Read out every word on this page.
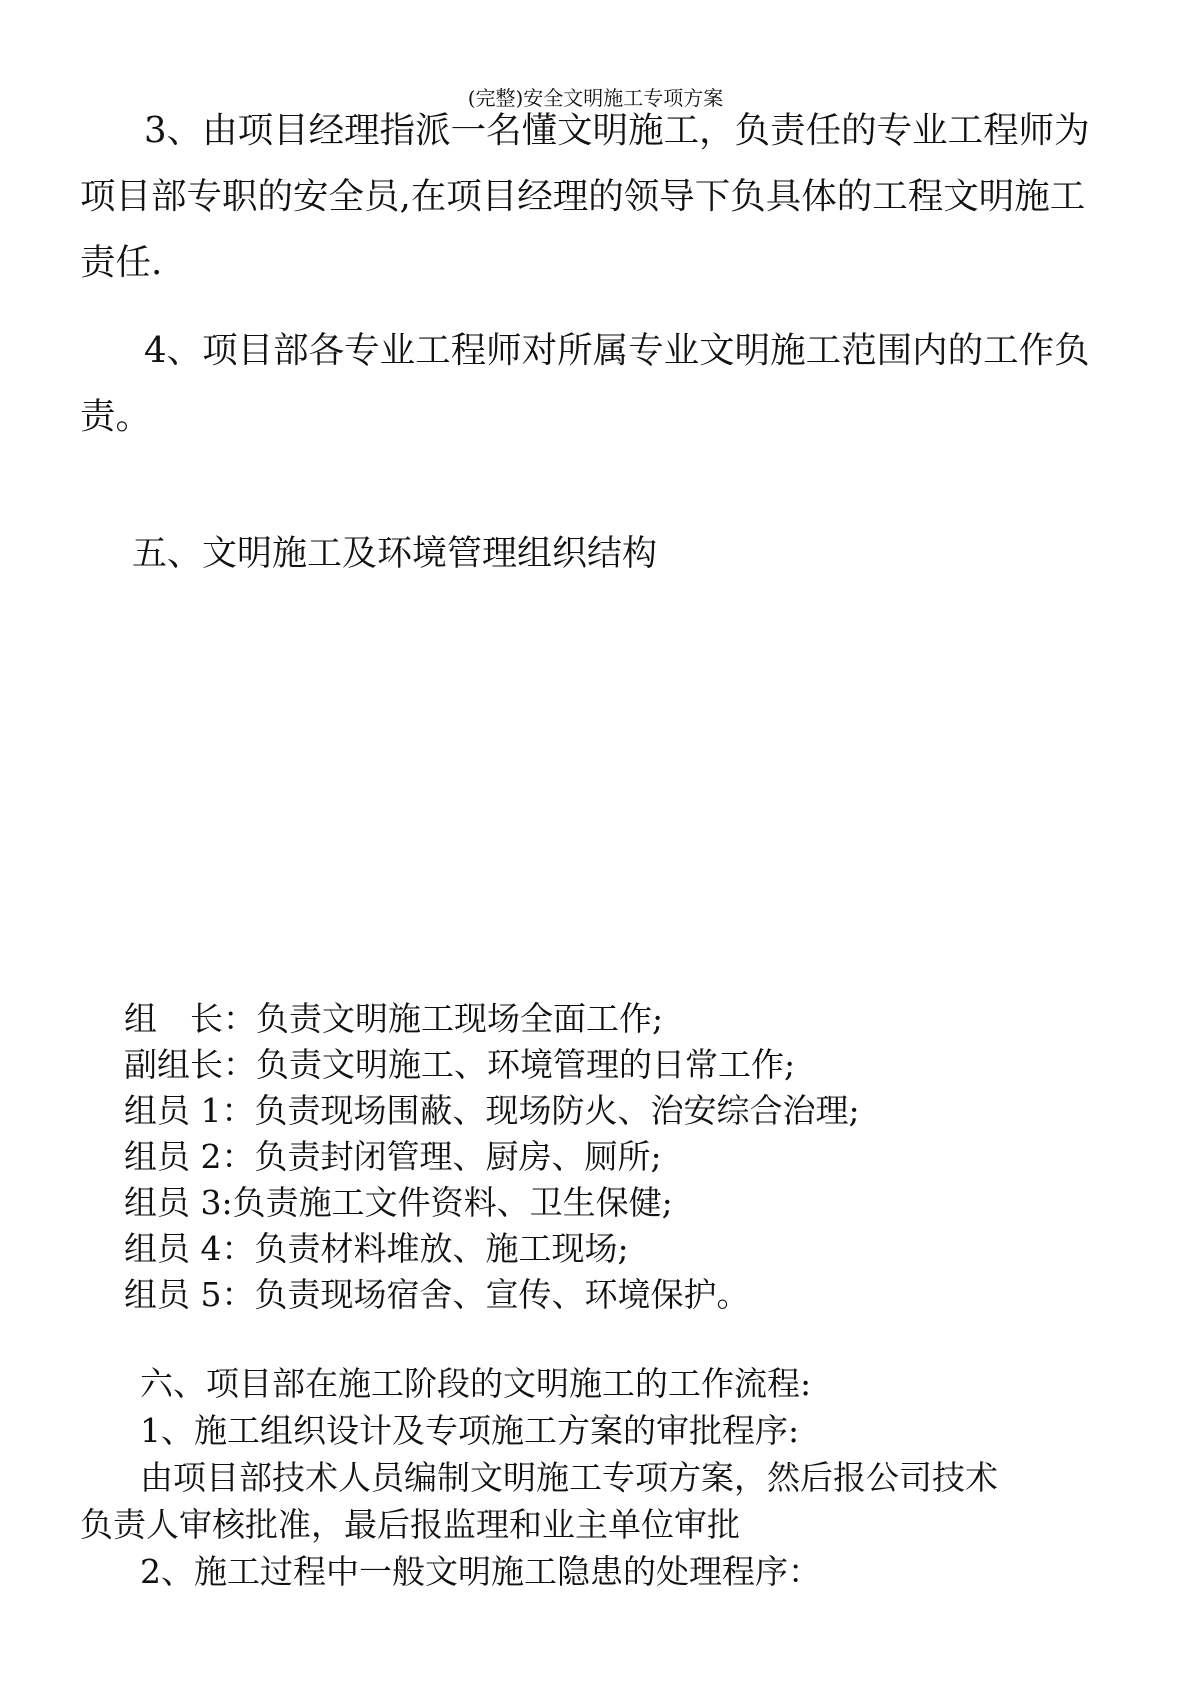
(完整)安全文明施工专项方案
3、由项目经理指派一名懂文明施工，负责任的专业工程师为
项目部专职的安全员,在项目经理的领导下负具体的工程文明施工
责任.
4、项目部各专业工程师对所属专业文明施工范围内的工作负
责。
五、文明施工及环境管理组织结构
组　长：负责文明施工现场全面工作;
副组长：负责文明施工、环境管理的日常工作;
组员 1：负责现场围蔽、现场防火、治安综合治理;
组员 2：负责封闭管理、厨房、厕所;
组员 3:负责施工文件资料、卫生保健;
组员 4：负责材料堆放、施工现场;
组员 5：负责现场宿舍、宣传、环境保护。
六、项目部在施工阶段的文明施工的工作流程:
1、施工组织设计及专项施工方案的审批程序:
由项目部技术人员编制文明施工专项方案，然后报公司技术
负责人审核批准，最后报监理和业主单位审批
2、施工过程中一般文明施工隐患的处理程序：
